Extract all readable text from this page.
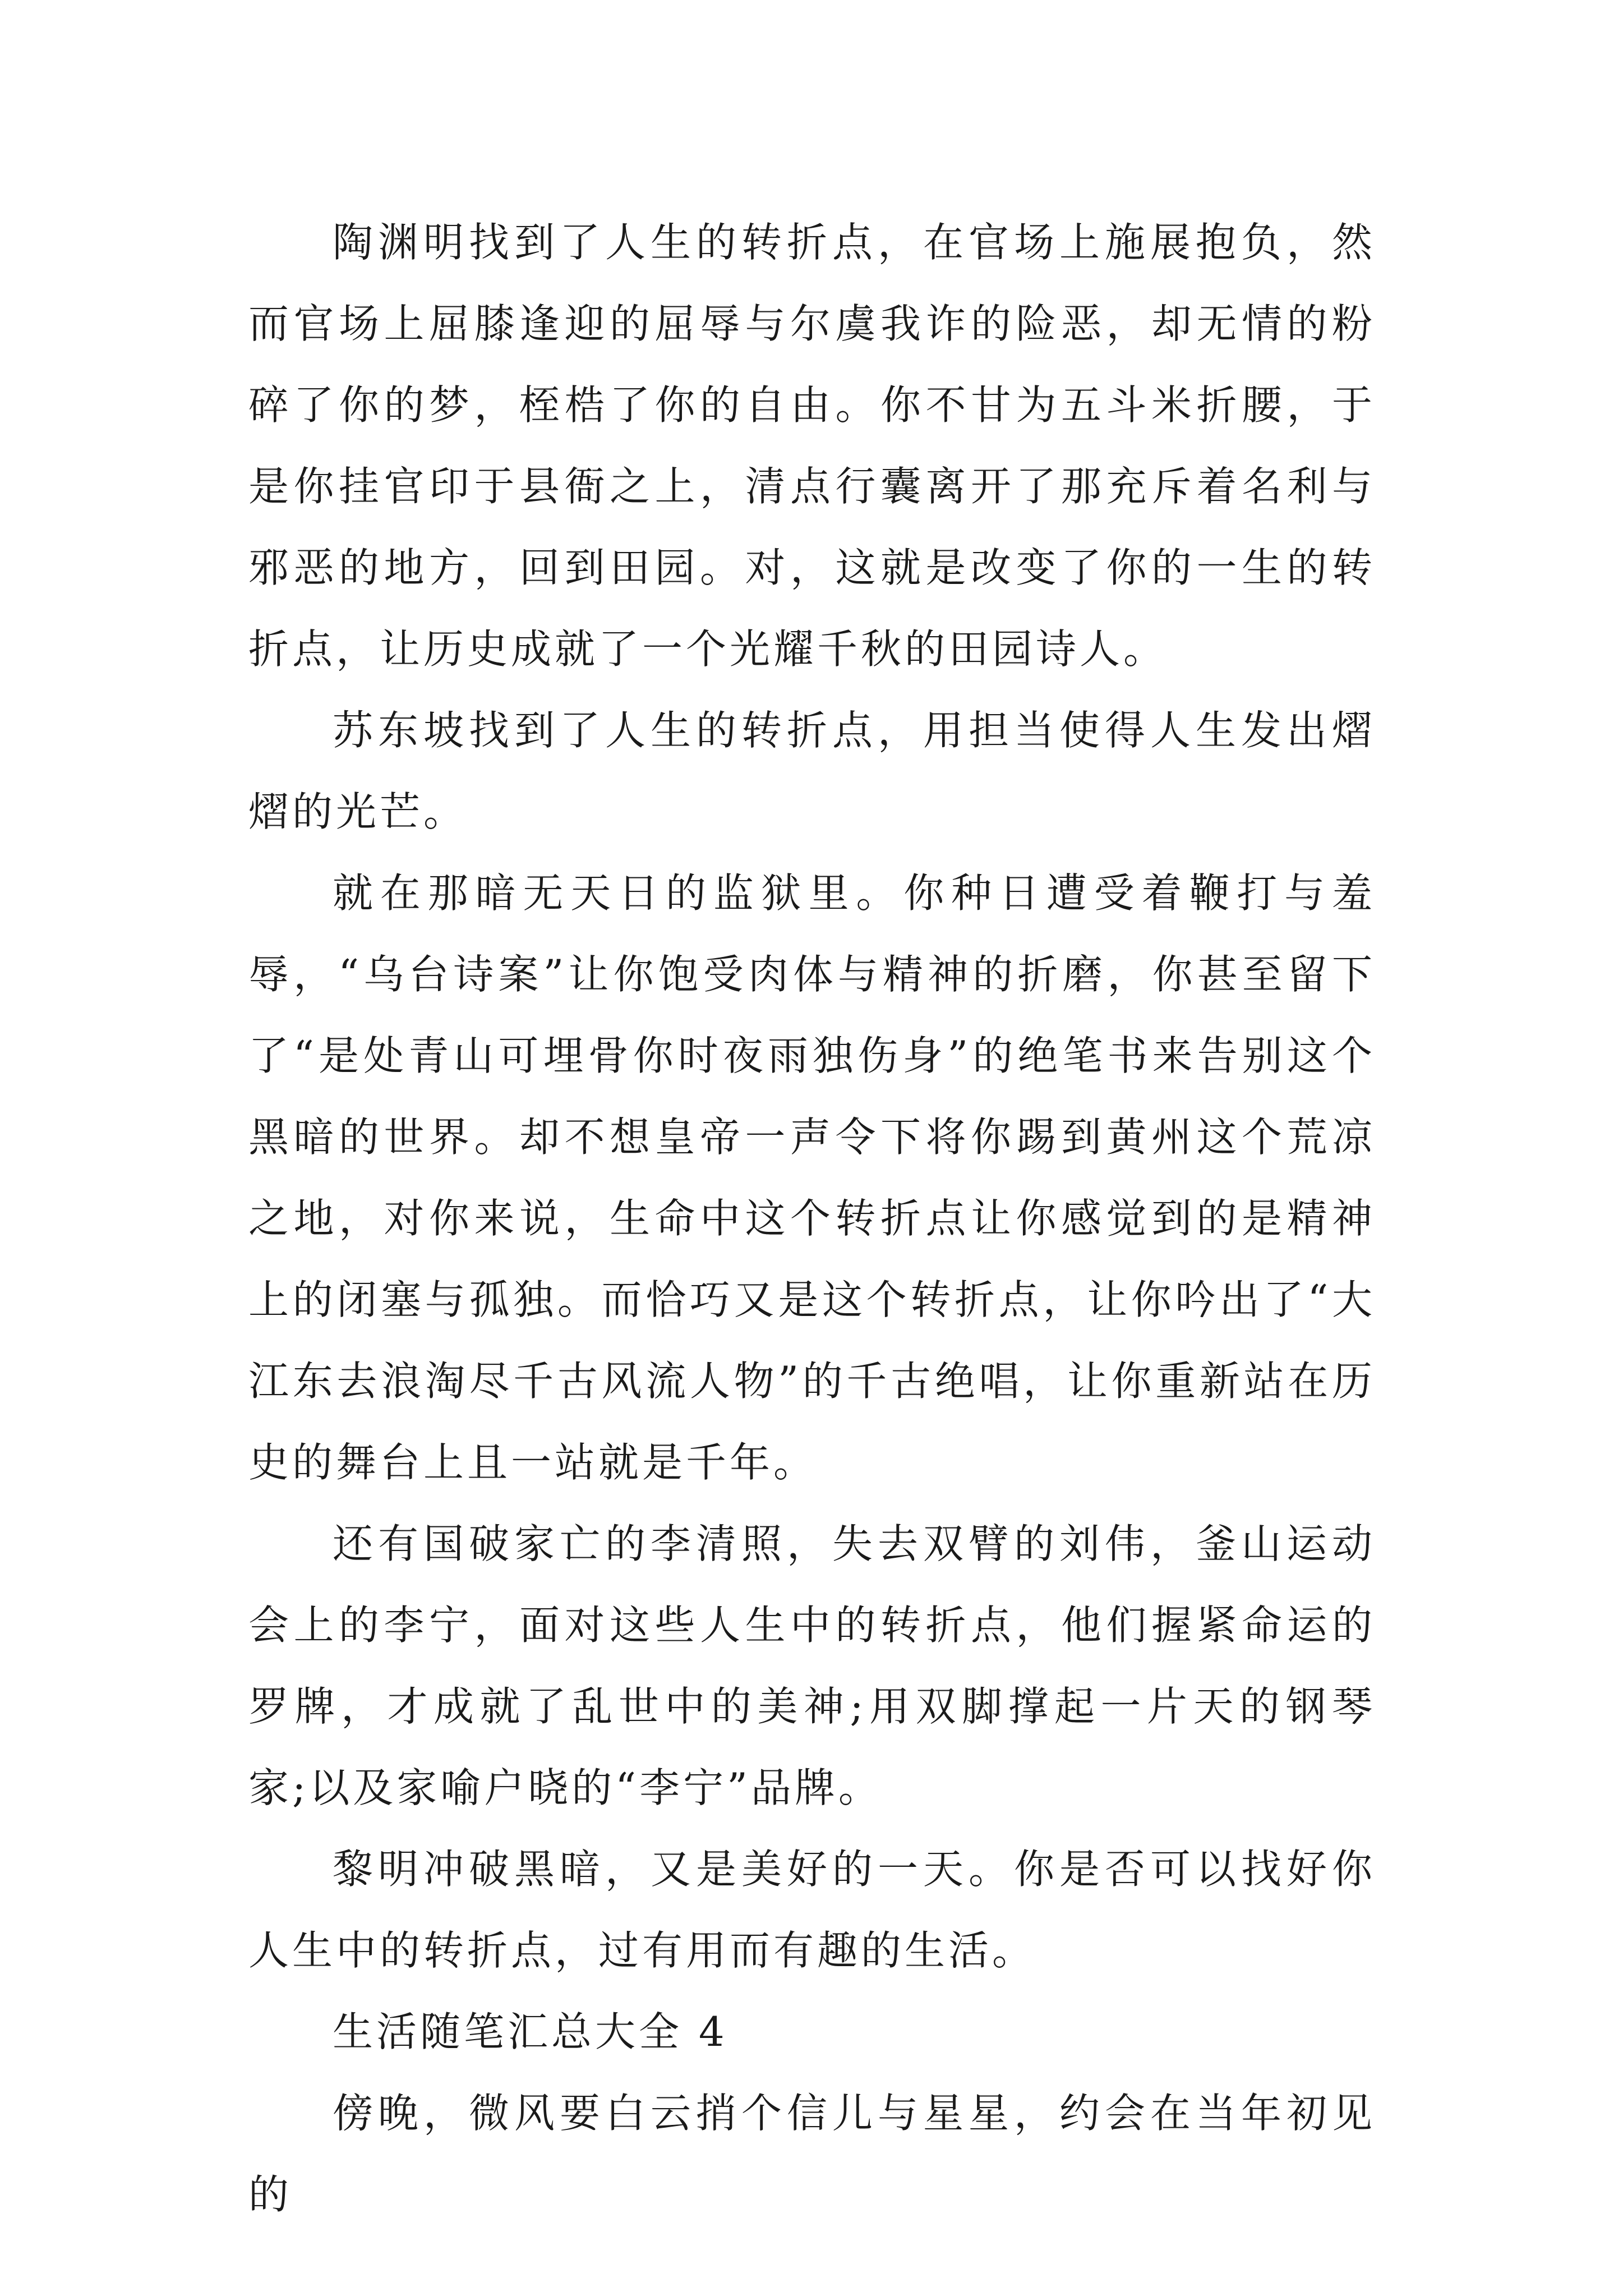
陶渊明找到了人生的转折点，在官场上施展抱负，然而官场上屈膝逢迎的屈辱与尔虞我诈的险恶，却无情的粉碎了你的梦，桎梏了你的自由。你不甘为五斗米折腰，于是你挂官印于县衙之上，清点行囊离开了那充斥着名利与邪恶的地方，回到田园。对，这就是改变了你的一生的转折点，让历史成就了一个光耀千秋的田园诗人。

苏东坡找到了人生的转折点，用担当使得人生发出熠熠的光芒。

就在那暗无天日的监狱里。你种日遭受着鞭打与羞辱，“乌台诗案”让你饱受肉体与精神的折磨，你甚至留下了“是处青山可埋骨你时夜雨独伤身”的绝笔书来告别这个黑暗的世界。却不想皇帝一声令下将你踢到黄州这个荒凉之地，对你来说，生命中这个转折点让你感觉到的是精神上的闭塞与孤独。而恰巧又是这个转折点，让你吟出了“大江东去浪淘尽千古风流人物”的千古绝唱，让你重新站在历史的舞台上且一站就是千年。

还有国破家亡的李清照，失去双臂的刘伟，釜山运动会上的李宁，面对这些人生中的转折点，他们握紧命运的罗牌，才成就了乱世中的美神;用双脚撑起一片天的钢琴家;以及家喻户晓的“李宁”品牌。

黎明冲破黑暗，又是美好的一天。你是否可以找好你人生中的转折点，过有用而有趣的生活。

生活随笔汇总大全 4

傍晚，微风要白云捎个信儿与星星，约会在当年初见的
